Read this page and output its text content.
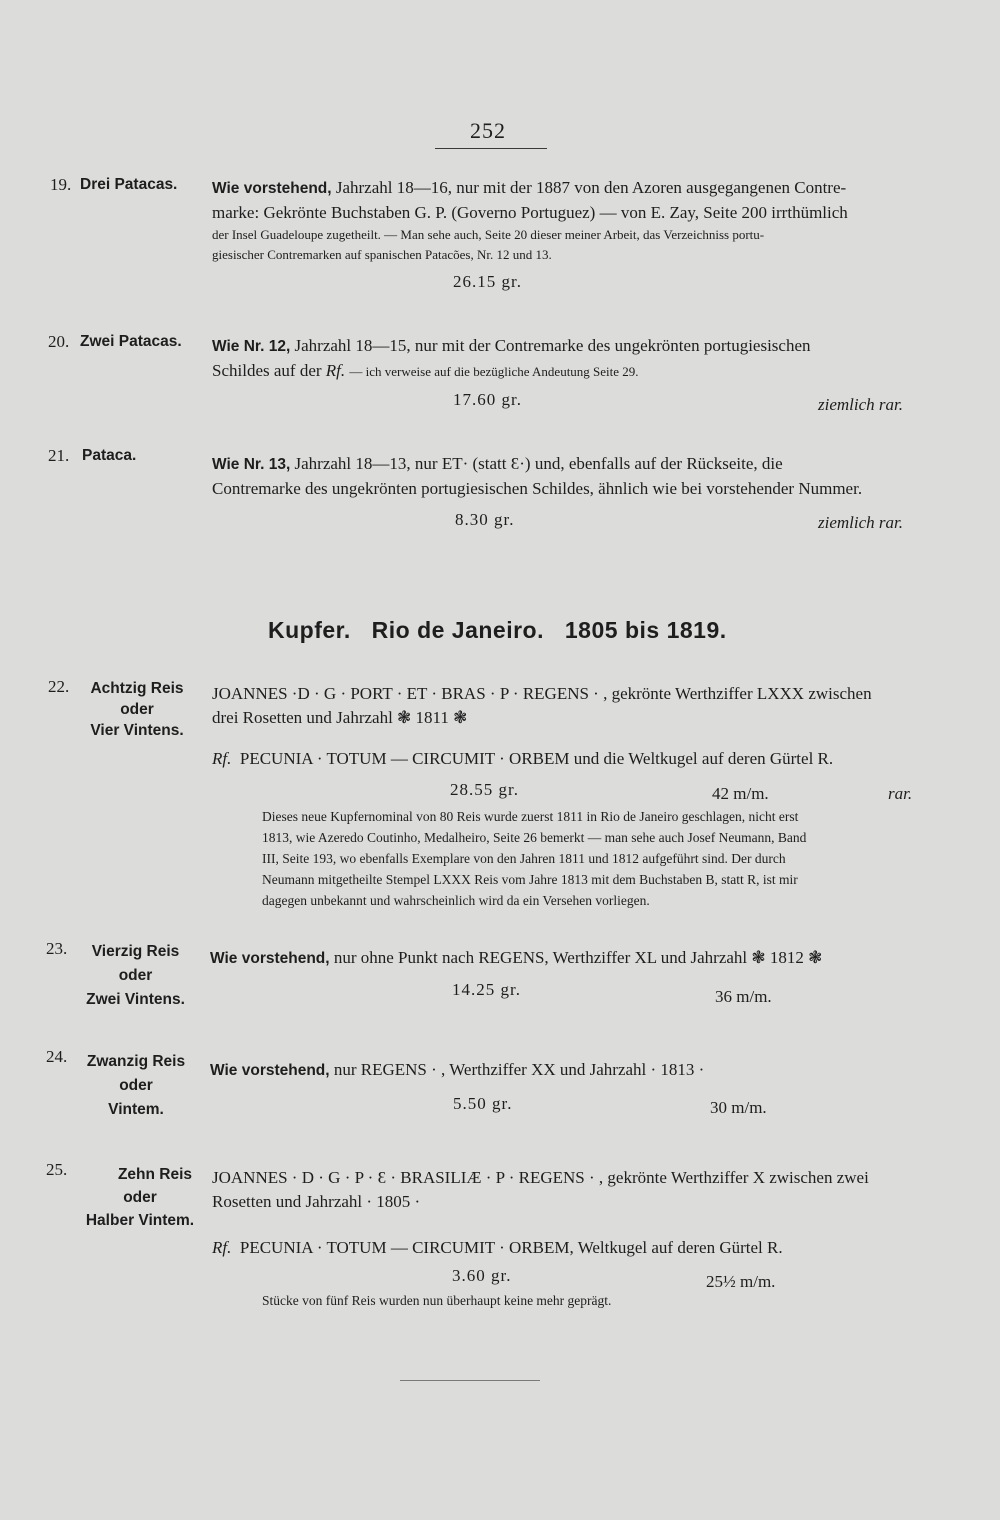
252
19. Drei Patacas. Wie vorstehend, Jahrzahl 18—16, nur mit der 1887 von den Azoren ausgegangenen Contre-
marke: Gekrönte Buchstaben G. P. (Governo Portuguez) — von E. Zay, Seite 200 irrthümlich
der Insel Guadeloupe zugetheilt. — Man sehe auch, Seite 20 dieser meiner Arbeit, das Verzeichniss portu-
giesischer Contremarken auf spanischen Patacões, Nr. 12 und 13.
26.15 gr.
20. Zwei Patacas. Wie Nr. 12, Jahrzahl 18—15, nur mit der Contremarke des ungekrönten portugiesischen
Schildes auf der Rf. — ich verweise auf die bezügliche Andeutung Seite 29.
17.60 gr.	ziemlich rar.
21. Pataca.
Wie Nr. 13, Jahrzahl 18—13, nur ET· (statt Ɛ·) und, ebenfalls auf der Rückseite, die
Contremarke des ungekrönten portugiesischen Schildes, ähnlich wie bei vorstehender Nummer.
8.30 gr.	ziemlich rar.
Kupfer. Rio de Janeiro. 1805 bis 1819.
22.	Achtzig Reis
oder
Vier Vintens.
JOANNES ·D · G · PORT · ET · BRAS · P · REGENS · , gekrönte Werthziffer LXXX zwischen
drei Rosetten und Jahrzahl ❃ 1811 ❃
Rf. PECUNIA · TOTUM — CIRCUMIT · ORBEM und die Weltkugel auf deren Gürtel R.
28.55 gr.	42 m/m.	rar.
Dieses neue Kupfernominal von 80 Reis wurde zuerst 1811 in Rio de Janeiro geschlagen, nicht erst
1813, wie Azeredo Coutinho, Medalheiro, Seite 26 bemerkt — man sehe auch Josef Neumann, Band
III, Seite 193, wo ebenfalls Exemplare von den Jahren 1811 und 1812 aufgeführt sind. Der durch
Neumann mitgetheilte Stempel LXXX Reis vom Jahre 1813 mit dem Buchstaben B, statt R, ist mir
dagegen unbekannt und wahrscheinlich wird da ein Versehen vorliegen.
23.	Vierzig Reis
oder
Zwei Vintens.
Wie vorstehend, nur ohne Punkt nach REGENS, Werthziffer XL und Jahrzahl ❃ 1812 ❃
14.25 gr.	36 m/m.
24.	Zwanzig Reis
oder
Vintem.
Wie vorstehend, nur REGENS · , Werthziffer XX und Jahrzahl · 1813 ·
5.50 gr.	30 m/m.
25.	Zehn Reis
oder
Halber Vintem.
JOANNES · D · G · P · Ɛ · BRASILIÆ · P · REGENS · , gekrönte Werthziffer X zwischen zwei
Rosetten und Jahrzahl · 1805 ·
Rf. PECUNIA · TOTUM — CIRCUMIT · ORBEM, Weltkugel auf deren Gürtel R.
3.60 gr.	25½ m/m.
Stücke von fünf Reis wurden nun überhaupt keine mehr geprägt.
